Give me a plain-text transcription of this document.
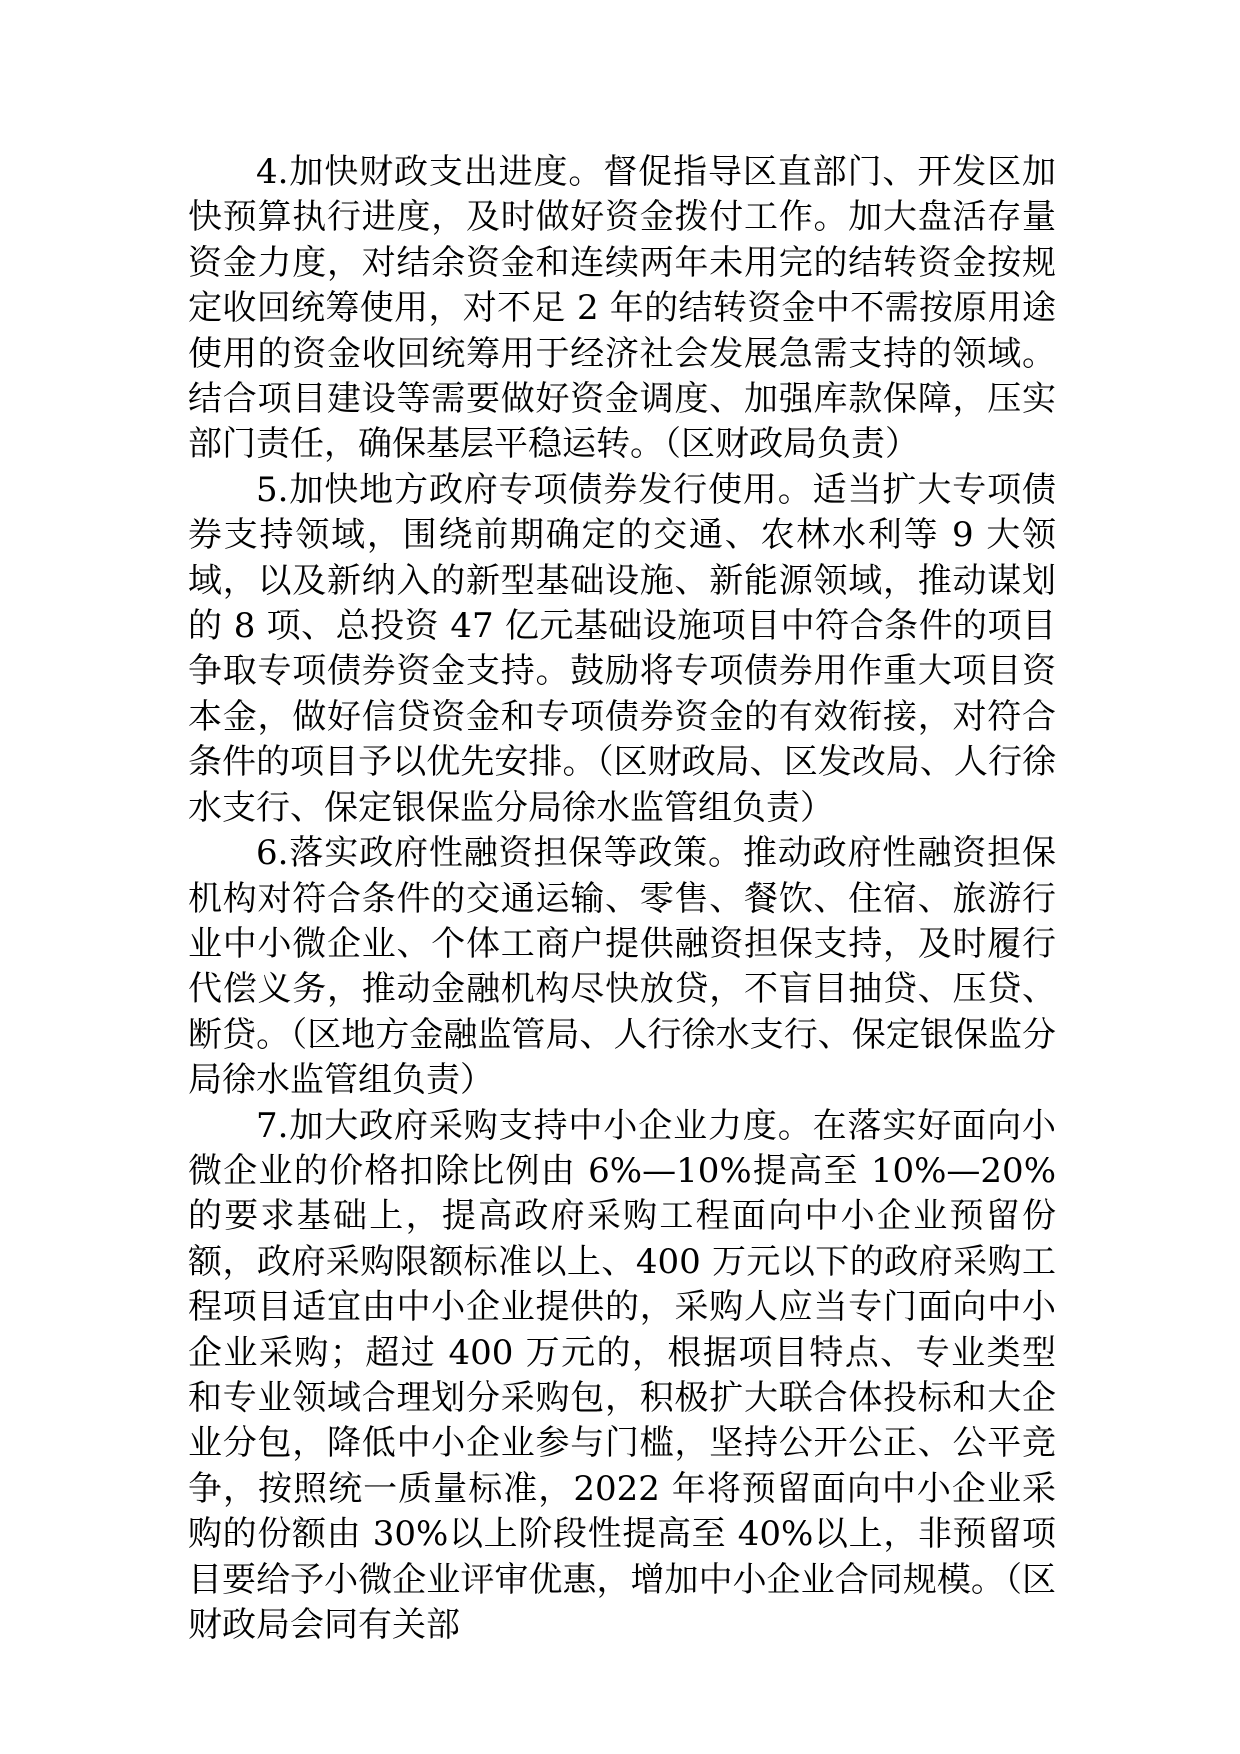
4.加快财政支出进度。督促指导区直部门、开发区加快预算执行进度，及时做好资金拨付工作。加大盘活存量资金力度，对结余资金和连续两年未用完的结转资金按规定收回统筹使用，对不足 2 年的结转资金中不需按原用途使用的资金收回统筹用于经济社会发展急需支持的领域。结合项目建设等需要做好资金调度、加强库款保障，压实部门责任，确保基层平稳运转。（区财政局负责）

5.加快地方政府专项债券发行使用。适当扩大专项债券支持领域，围绕前期确定的交通、农林水利等 9 大领域，以及新纳入的新型基础设施、新能源领域，推动谋划的 8 项、总投资 47 亿元基础设施项目中符合条件的项目争取专项债券资金支持。鼓励将专项债券用作重大项目资本金，做好信贷资金和专项债券资金的有效衔接，对符合条件的项目予以优先安排。（区财政局、区发改局、人行徐水支行、保定银保监分局徐水监管组负责）

6.落实政府性融资担保等政策。推动政府性融资担保机构对符合条件的交通运输、零售、餐饮、住宿、旅游行业中小微企业、个体工商户提供融资担保支持，及时履行代偿义务，推动金融机构尽快放贷，不盲目抽贷、压贷、断贷。（区地方金融监管局、人行徐水支行、保定银保监分局徐水监管组负责）

7.加大政府采购支持中小企业力度。在落实好面向小微企业的价格扣除比例由 6%—10%提高至 10%—20%的要求基础上，提高政府采购工程面向中小企业预留份额，政府采购限额标准以上、400 万元以下的政府采购工程项目适宜由中小企业提供的，采购人应当专门面向中小企业采购；超过 400 万元的，根据项目特点、专业类型和专业领域合理划分采购包，积极扩大联合体投标和大企业分包，降低中小企业参与门槛，坚持公开公正、公平竞争，按照统一质量标准，2022 年将预留面向中小企业采购的份额由 30%以上阶段性提高至 40%以上，非预留项目要给予小微企业评审优惠，增加中小企业合同规模。（区财政局会同有关部
